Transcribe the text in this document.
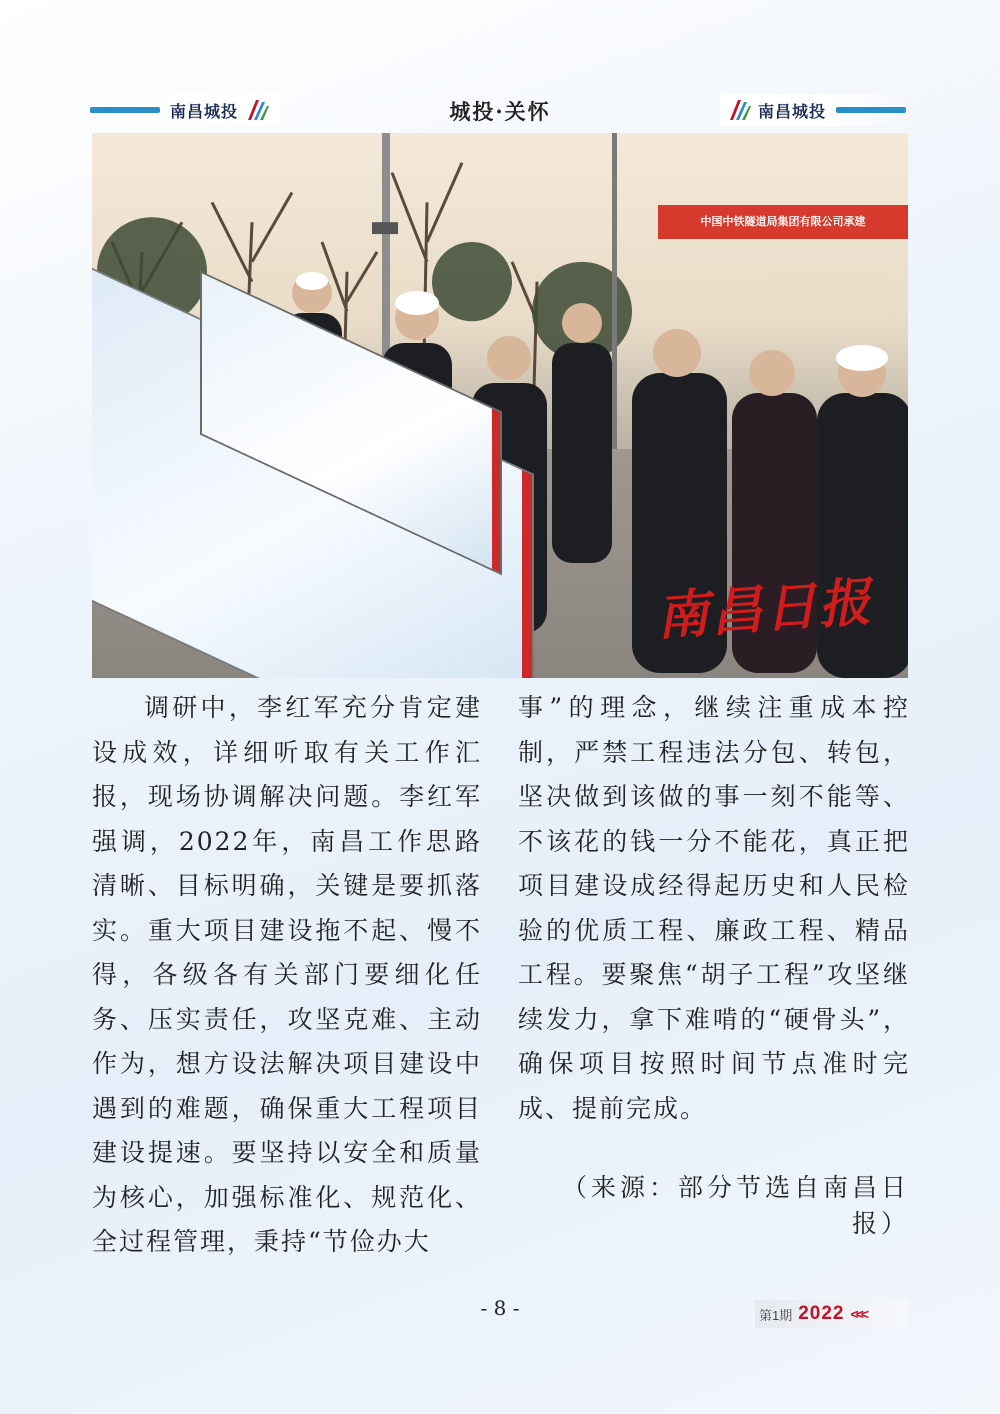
南昌城投	城投·关怀	南昌城投
中国中铁隧道局集团有限公司承建
南昌日报
调研中，李红军充分肯定建设成效，详细听取有关工作汇报，现场协调解决问题。李红军强调，2022年，南昌工作思路清晰、目标明确，关键是要抓落实。重大项目建设拖不起、慢不得，各级各有关部门要细化任务、压实责任，攻坚克难、主动作为，想方设法解决项目建设中遇到的难题，确保重大工程项目建设提速。要坚持以安全和质量为核心，加强标准化、规范化、全过程管理，秉持“节俭办大
事”的理念，继续注重成本控制，严禁工程违法分包、转包，坚决做到该做的事一刻不能等、不该花的钱一分不能花，真正把项目建设成经得起历史和人民检验的优质工程、廉政工程、精品工程。要聚焦“胡子工程”攻坚继续发力，拿下难啃的“硬骨头”，确保项目按照时间节点准时完成、提前完成。
（来源：部分节选自南昌日报）
- 8 -	第1期 2022 <<<
